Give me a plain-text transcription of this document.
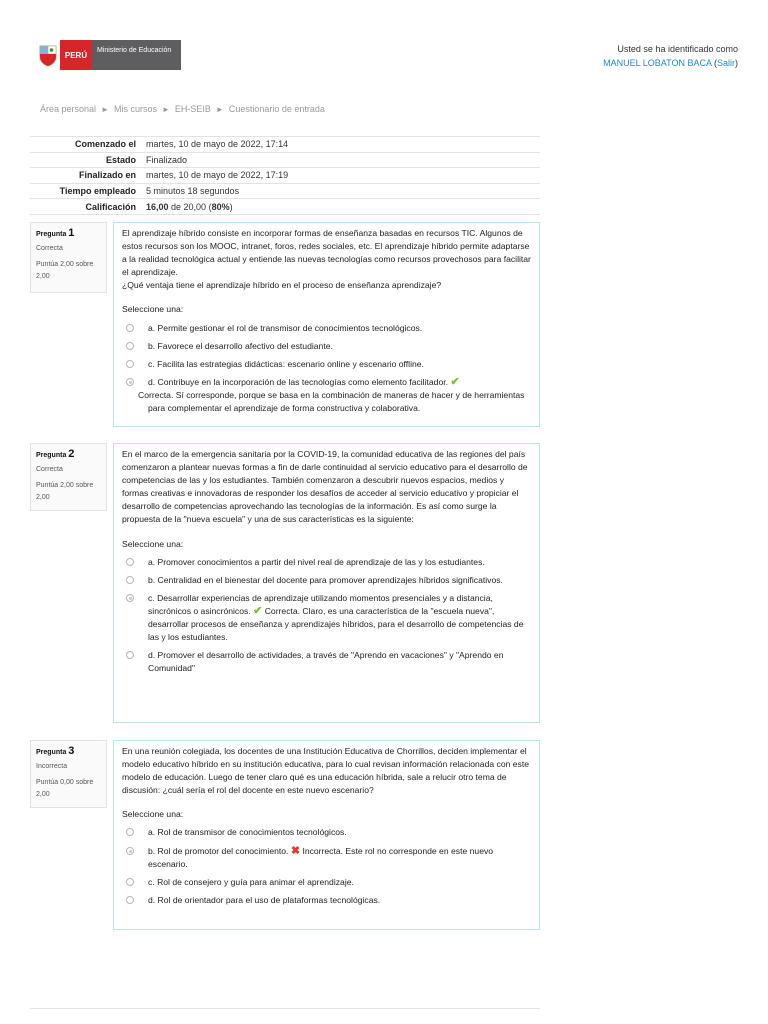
PERÚ	Ministerio de Educación	Usted se ha identificado como
MANUEL LOBATON BACA (Salir)
Área personal ► Mis cursos ► EH-SEIB ► Cuestionario de entrada
Comenzado el	martes, 10 de mayo de 2022, 17:14
Estado	Finalizado
Finalizado en	martes, 10 de mayo de 2022, 17:19
Tiempo empleado	5 minutos 18 segundos
Calificación	16,00 de 20,00 (80%)
Pregunta 1
Correcta
Puntúa 2,00 sobre 2,00

El aprendizaje híbrido consiste en incorporar formas de enseñanza basadas en recursos TIC. Algunos de estos recursos son los MOOC, intranet, foros, redes sociales, etc. El aprendizaje híbrido permite adaptarse a la realidad tecnológica actual y entiende las nuevas tecnologías como recursos provechosos para facilitar el aprendizaje.

¿Qué ventaja tiene el aprendizaje híbrido en el proceso de enseñanza aprendizaje?

Seleccione una:

a. Permite gestionar el rol de transmisor de conocimientos tecnológicos.
b. Favorece el desarrollo afectivo del estudiante.
c. Facilita las estrategias didácticas: escenario online y escenario offline.
d. Contribuye en la incorporación de las tecnologías como elemento facilitador. ✔
Correcta. Sí corresponde, porque se basa en la combinación de maneras de hacer y de herramientas para complementar el aprendizaje de forma constructiva y colaborativa.
Pregunta 2
Correcta
Puntúa 2,00 sobre 2,00

En el marco de la emergencia sanitaria por la COVID-19, la comunidad educativa de las regiones del país comenzaron a plantear nuevas formas a fin de darle continuidad al servicio educativo para el desarrollo de competencias de las y los estudiantes. También comenzaron a descubrir nuevos espacios, medios y formas creativas e innovadoras de responder los desafíos de acceder al servicio educativo y propiciar el desarrollo de competencias aprovechando las tecnologías de la información. Es así como surge la propuesta de la "nueva escuela" y una de sus características es la siguiente:

Seleccione una:

a. Promover conocimientos a partir del nivel real de aprendizaje de las y los estudiantes.
b. Centralidad en el bienestar del docente para promover aprendizajes híbridos significativos.
c. Desarrollar experiencias de aprendizaje utilizando momentos presenciales y a distancia, sincrónicos o asincrónicos. ✔ Correcta. Claro, es una característica de la "escuela nueva", desarrollar procesos de enseñanza y aprendizajes híbridos, para el desarrollo de competencias de las y los estudiantes.
d. Promover el desarrollo de actividades, a través de "Aprendo en vacaciones" y "Aprendo en Comunidad"
Pregunta 3
Incorrecta
Puntúa 0,00 sobre 2,00

En una reunión colegiada, los docentes de una Institución Educativa de Chorrillos, deciden implementar el modelo educativo híbrido en su institución educativa, para lo cual revisan información relacionada con este modelo de educación. Luego de tener claro qué es una educación híbrida, sale a relucir otro tema de discusión: ¿cuál sería el rol del docente en este nuevo escenario?

Seleccione una:

a. Rol de transmisor de conocimientos tecnológicos.
b. Rol de promotor del conocimiento. ✖ Incorrecta. Este rol no corresponde en este nuevo escenario.
c. Rol de consejero y guía para animar el aprendizaje.
d. Rol de orientador para el uso de plataformas tecnológicas.
